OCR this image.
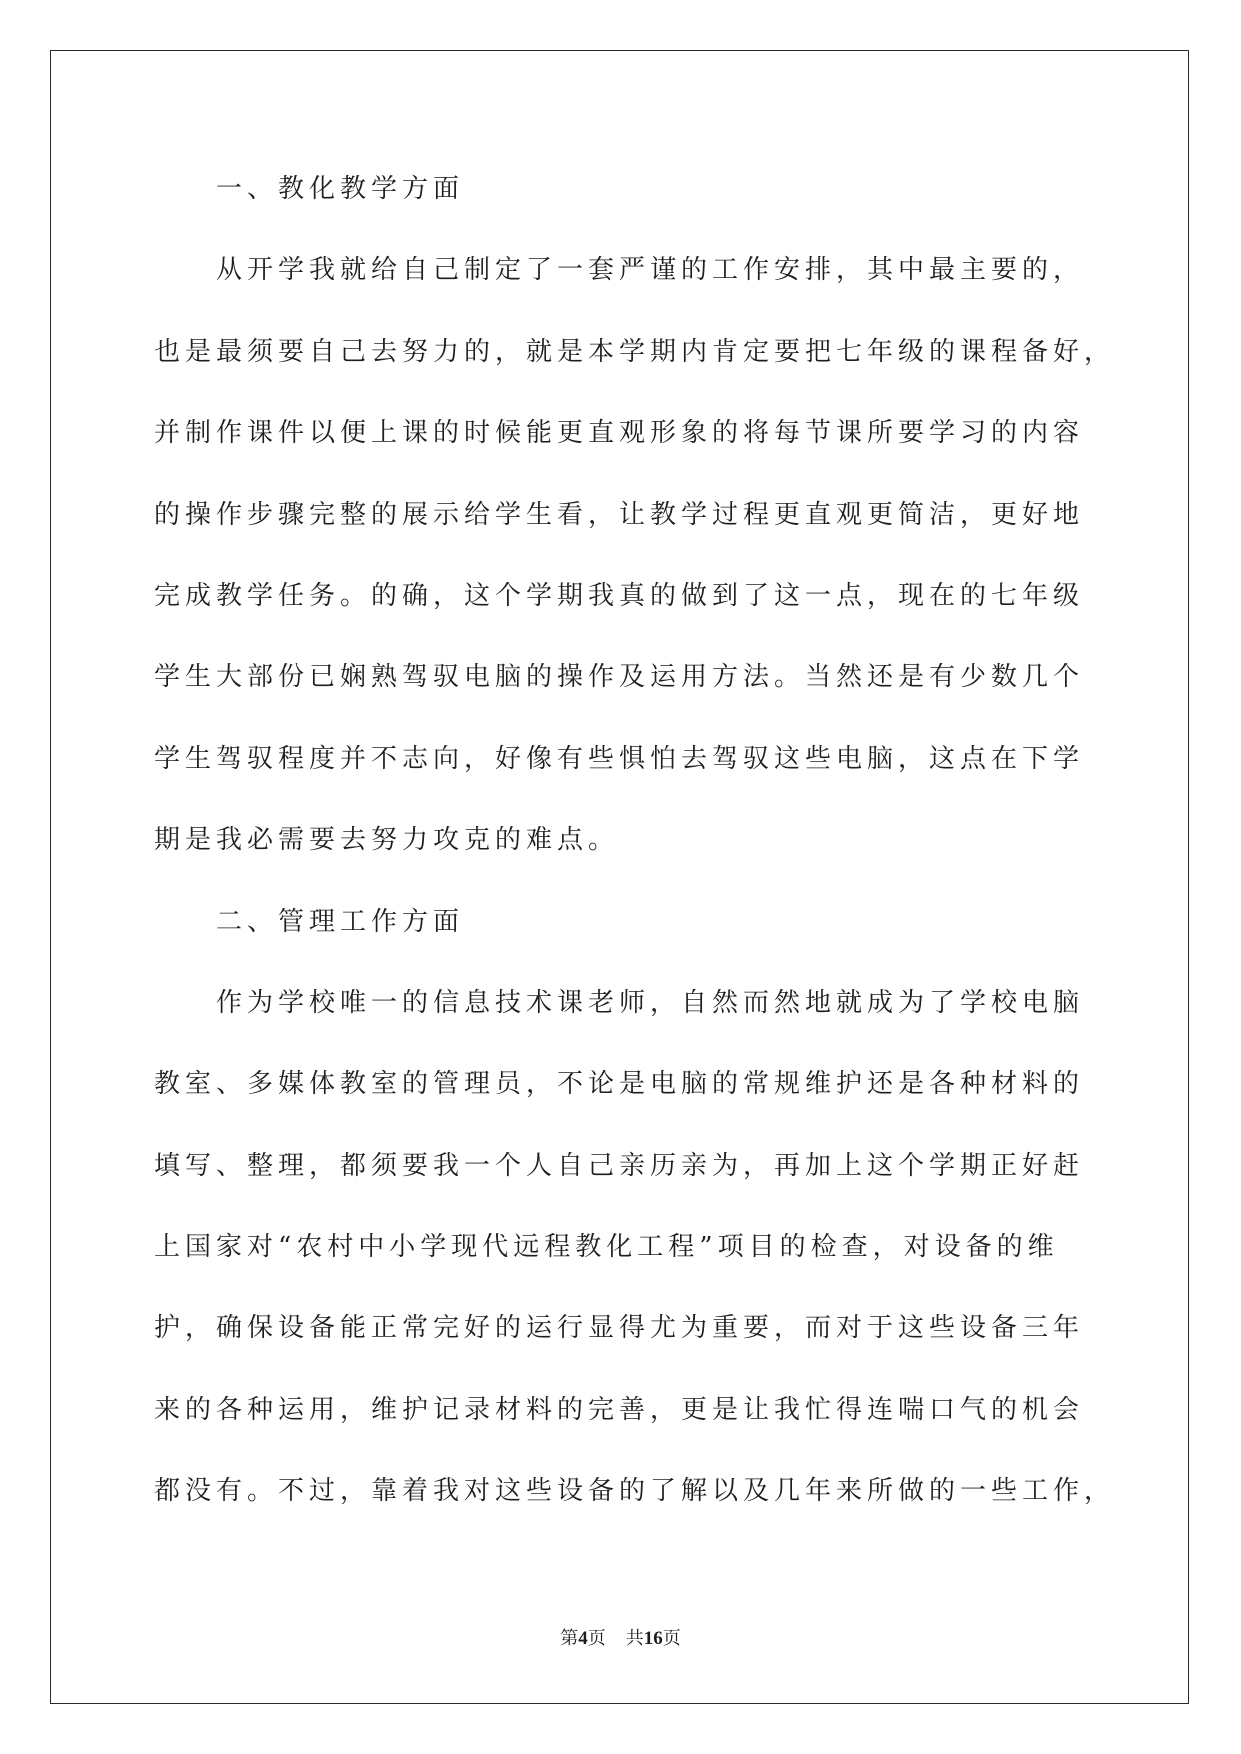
一、教化教学方面
从开学我就给自己制定了一套严谨的工作安排，其中最主要的，
也是最须要自己去努力的，就是本学期内肯定要把七年级的课程备好，
并制作课件以便上课的时候能更直观形象的将每节课所要学习的内容
的操作步骤完整的展示给学生看，让教学过程更直观更简洁，更好地
完成教学任务。的确，这个学期我真的做到了这一点，现在的七年级
学生大部份已娴熟驾驭电脑的操作及运用方法。当然还是有少数几个
学生驾驭程度并不志向，好像有些惧怕去驾驭这些电脑，这点在下学
期是我必需要去努力攻克的难点。
二、管理工作方面
作为学校唯一的信息技术课老师，自然而然地就成为了学校电脑
教室、多媒体教室的管理员，不论是电脑的常规维护还是各种材料的
填写、整理，都须要我一个人自己亲历亲为，再加上这个学期正好赶
上国家对“农村中小学现代远程教化工程”项目的检查，对设备的维
护，确保设备能正常完好的运行显得尤为重要，而对于这些设备三年
来的各种运用，维护记录材料的完善，更是让我忙得连喘口气的机会
都没有。不过，靠着我对这些设备的了解以及几年来所做的一些工作，
第4页 共16页
